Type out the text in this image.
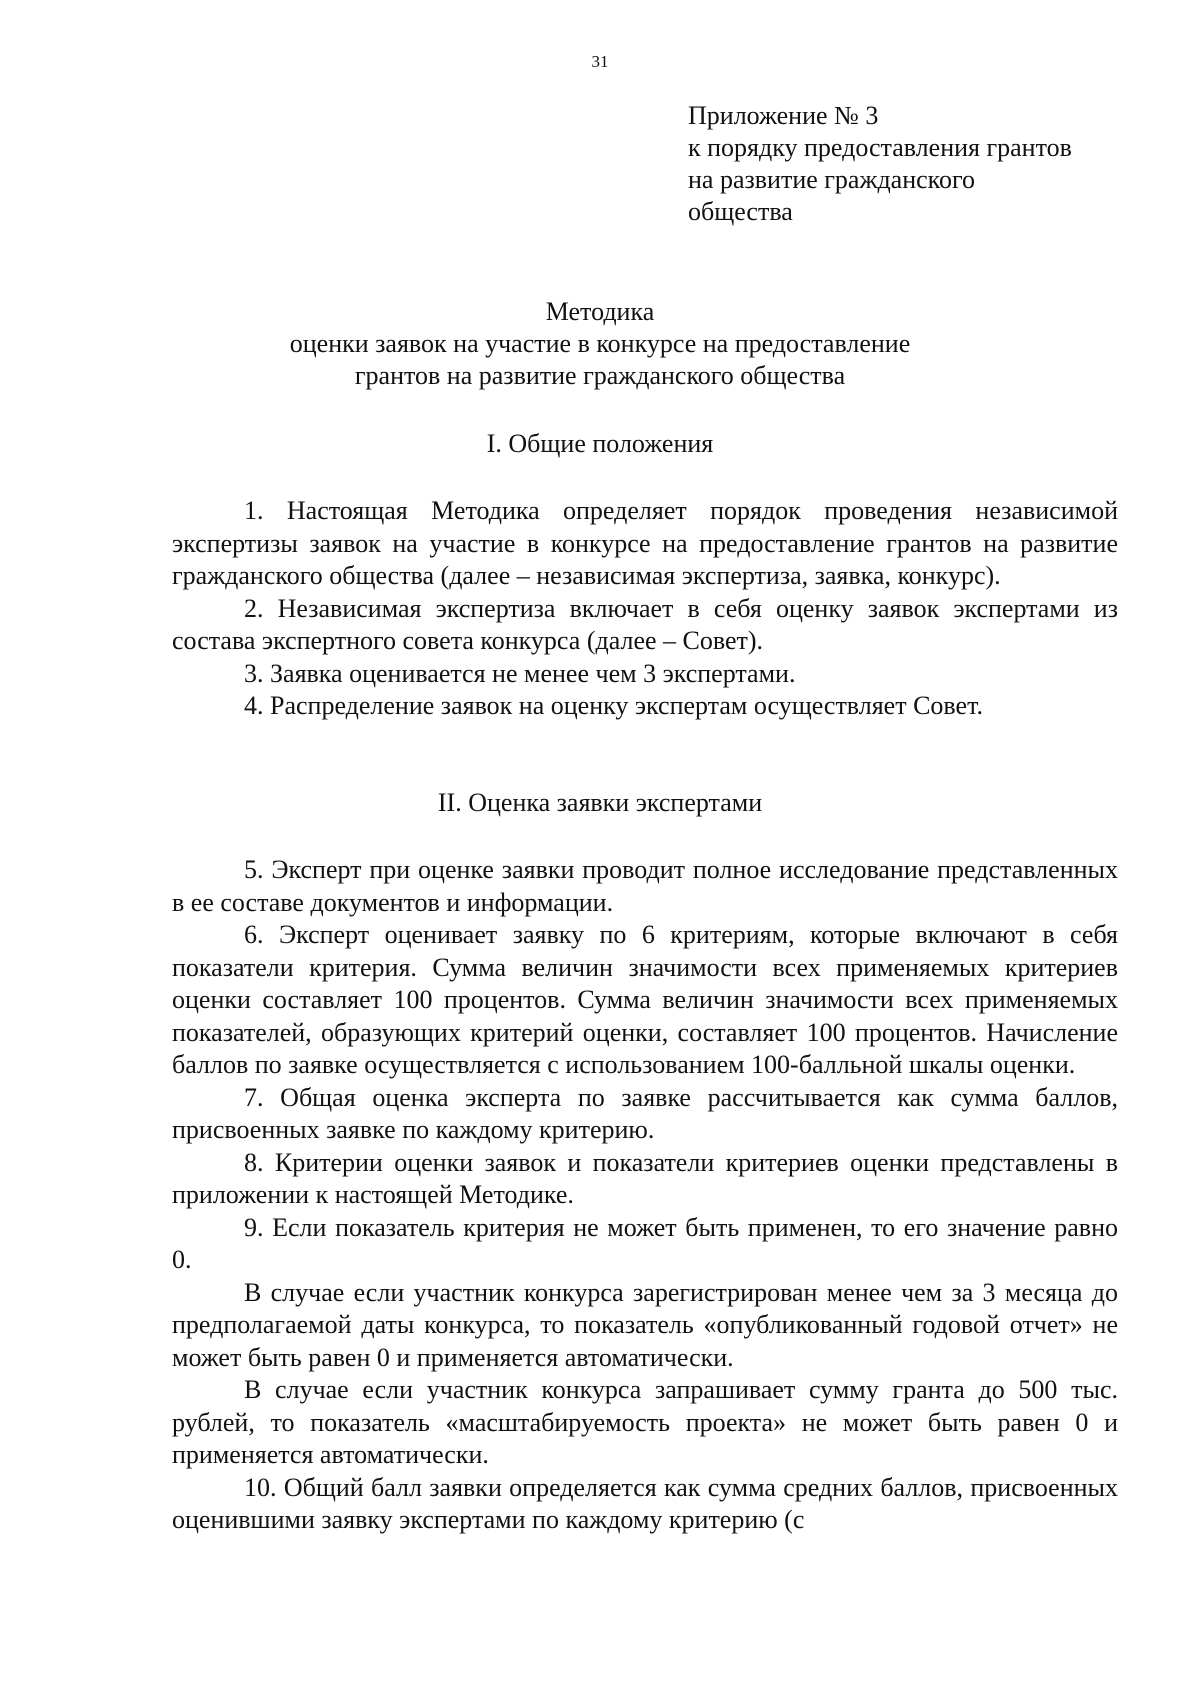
31
Приложение № 3
к порядку предоставления грантов
на развитие гражданского
общества
Методика
оценки заявок на участие в конкурсе на предоставление
грантов на развитие гражданского общества
I. Общие положения

1. Настоящая Методика определяет порядок проведения независимой экспертизы заявок на участие в конкурсе на предоставление грантов на развитие гражданского общества (далее – независимая экспертиза, заявка, конкурс).

2. Независимая экспертиза включает в себя оценку заявок экспертами из состава экспертного совета конкурса (далее – Совет).

3. Заявка оценивается не менее чем 3 экспертами.

4. Распределение заявок на оценку экспертам осуществляет Совет.

II. Оценка заявки экспертами

5. Эксперт при оценке заявки проводит полное исследование представленных в ее составе документов и информации.

6. Эксперт оценивает заявку по 6 критериям, которые включают в себя показатели критерия. Сумма величин значимости всех применяемых критериев оценки составляет 100 процентов. Сумма величин значимости всех применяемых показателей, образующих критерий оценки, составляет 100 процентов. Начисление баллов по заявке осуществляется с использованием 100-балльной шкалы оценки.

7. Общая оценка эксперта по заявке рассчитывается как сумма баллов, присвоенных заявке по каждому критерию.

8. Критерии оценки заявок и показатели критериев оценки представлены в приложении к настоящей Методике.

9. Если показатель критерия не может быть применен, то его значение равно 0.

В случае если участник конкурса зарегистрирован менее чем за 3 месяца до предполагаемой даты конкурса, то показатель «опубликованный годовой отчет» не может быть равен 0 и применяется автоматически.

В случае если участник конкурса запрашивает сумму гранта до 500 тыс. рублей, то показатель «масштабируемость проекта» не может быть равен 0 и применяется автоматически.

10. Общий балл заявки определяется как сумма средних баллов, присвоенных оценившими заявку экспертами по каждому критерию (с
